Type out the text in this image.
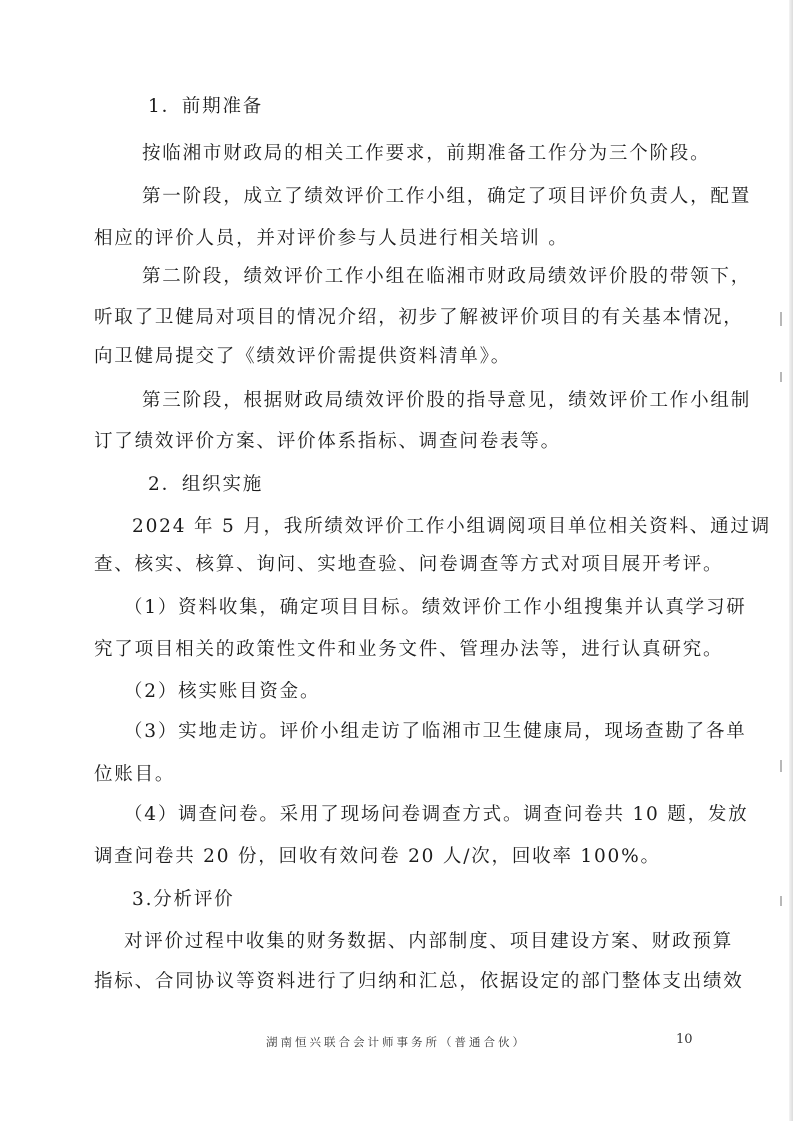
1．前期准备
按临湘市财政局的相关工作要求，前期准备工作分为三个阶段。
第一阶段，成立了绩效评价工作小组，确定了项目评价负责人，配置
相应的评价人员，并对评价参与人员进行相关培训 。
第二阶段，绩效评价工作小组在临湘市财政局绩效评价股的带领下，
听取了卫健局对项目的情况介绍，初步了解被评价项目的有关基本情况，
向卫健局提交了《绩效评价需提供资料清单》。
第三阶段，根据财政局绩效评价股的指导意见，绩效评价工作小组制
订了绩效评价方案、评价体系指标、调查问卷表等。
2．组织实施
2024 年 5 月，我所绩效评价工作小组调阅项目单位相关资料、通过调
查、核实、核算、询问、实地查验、问卷调查等方式对项目展开考评。
（1）资料收集，确定项目目标。绩效评价工作小组搜集并认真学习研
究了项目相关的政策性文件和业务文件、管理办法等，进行认真研究。
（2）核实账目资金。
（3）实地走访。评价小组走访了临湘市卫生健康局，现场查勘了各单
位账目。
（4）调查问卷。采用了现场问卷调查方式。调查问卷共 10 题，发放
调查问卷共 20 份，回收有效问卷 20 人/次，回收率 100%。
3.分析评价
对评价过程中收集的财务数据、内部制度、项目建设方案、财政预算
指标、合同协议等资料进行了归纳和汇总，依据设定的部门整体支出绩效
湖南恒兴联合会计师事务所（普通合伙）	10
